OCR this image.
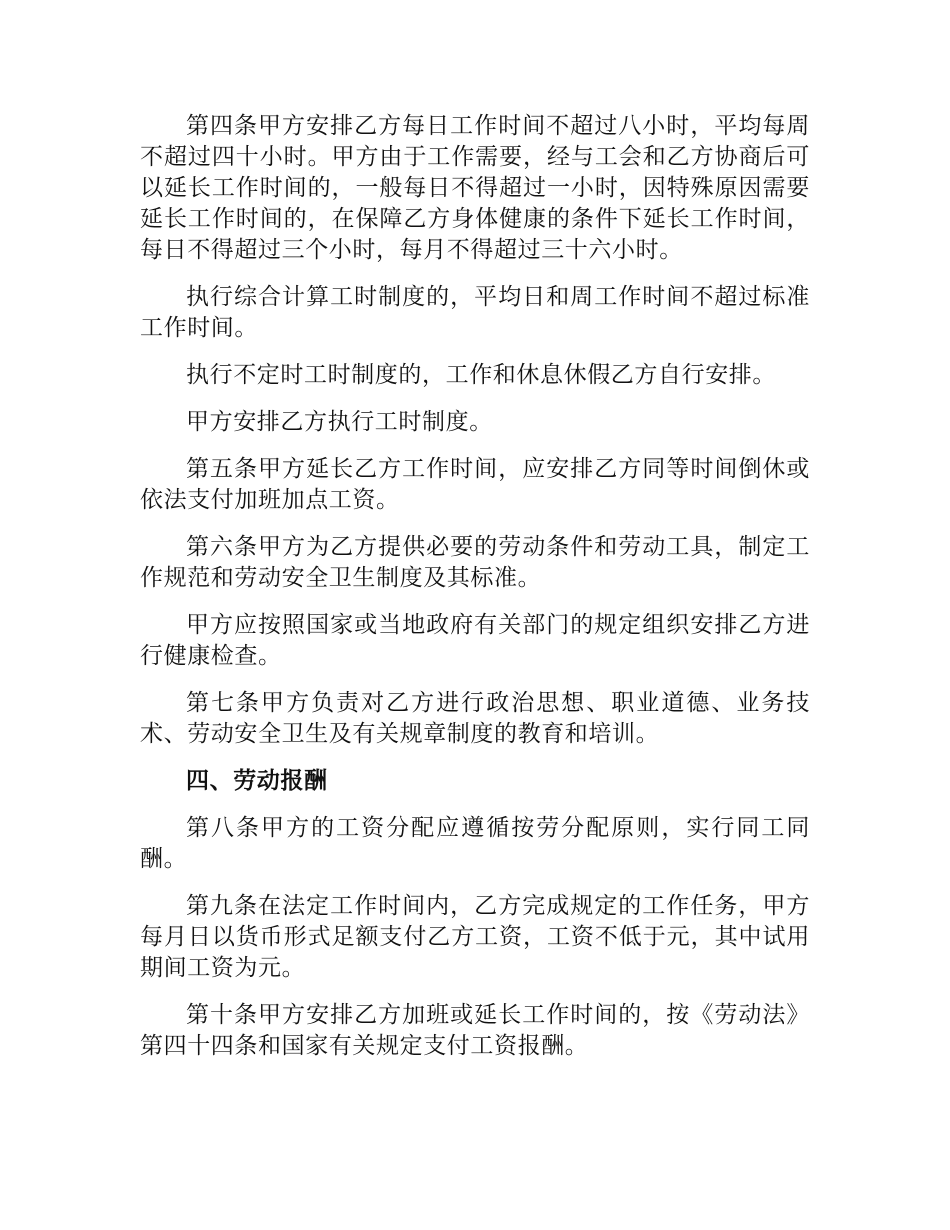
第四条甲方安排乙方每日工作时间不超过八小时，平均每周不超过四十小时。甲方由于工作需要，经与工会和乙方协商后可以延长工作时间的，一般每日不得超过一小时，因特殊原因需要延长工作时间的，在保障乙方身体健康的条件下延长工作时间，每日不得超过三个小时，每月不得超过三十六小时。

执行综合计算工时制度的，平均日和周工作时间不超过标准工作时间。

执行不定时工时制度的，工作和休息休假乙方自行安排。

甲方安排乙方执行工时制度。

第五条甲方延长乙方工作时间，应安排乙方同等时间倒休或依法支付加班加点工资。

第六条甲方为乙方提供必要的劳动条件和劳动工具，制定工作规范和劳动安全卫生制度及其标准。

甲方应按照国家或当地政府有关部门的规定组织安排乙方进行健康检查。

第七条甲方负责对乙方进行政治思想、职业道德、业务技术、劳动安全卫生及有关规章制度的教育和培训。

四、劳动报酬

第八条甲方的工资分配应遵循按劳分配原则，实行同工同酬。

第九条在法定工作时间内，乙方完成规定的工作任务，甲方每月日以货币形式足额支付乙方工资，工资不低于元，其中试用期间工资为元。

第十条甲方安排乙方加班或延长工作时间的，按《劳动法》第四十四条和国家有关规定支付工资报酬。
